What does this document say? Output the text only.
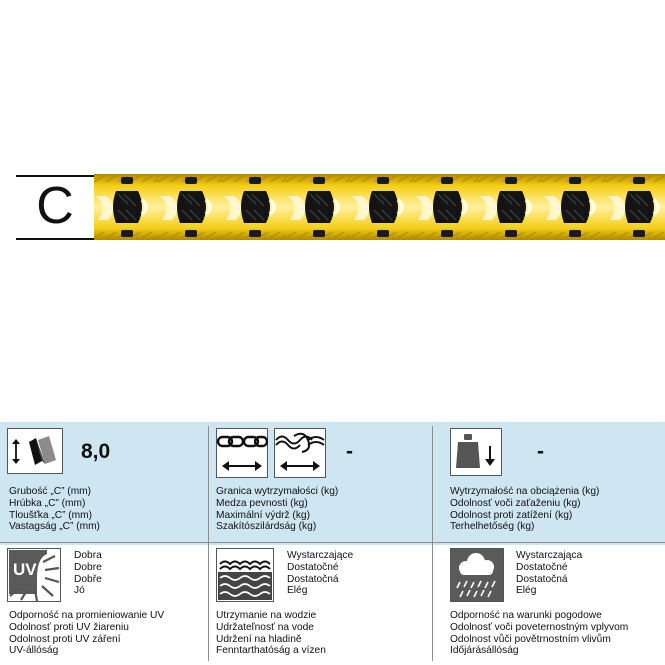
C
8,0
Grubość „C” (mm)
Hrúbka „C” (mm)
Tloušťka „C” (mm)
Vastagság „C” (mm)
-
Granica wytrzymałości (kg)
Medza pevnosti (kg)
Maximální výdrž (kg)
Szakítószilárdság (kg)
-
Wytrzymałość na obciążenia (kg)
Odolnosť voči zaťaženiu (kg)
Odolnost proti zatížení (kg)
Terhelhetőség (kg)
UV
Dobra
Dobre
Dobře
Jó
Odporność na promieniowanie UV
Odolnosť proti UV žiareniu
Odolnost proti UV záření
UV-állóság
Wystarczające
Dostatočné
Dostatočná
Elég
Utrzymanie na wodzie
Udržateľnosť na vode
Udržení na hladině
Fenntarthatóság a vízen
Wystarczająca
Dostatočné
Dostatočná
Elég
Odporność na warunki pogodowe
Odolnosť voči poveternostným vplyvom
Odolnost vůči povětrnostním vlivům
Időjárásállóság
